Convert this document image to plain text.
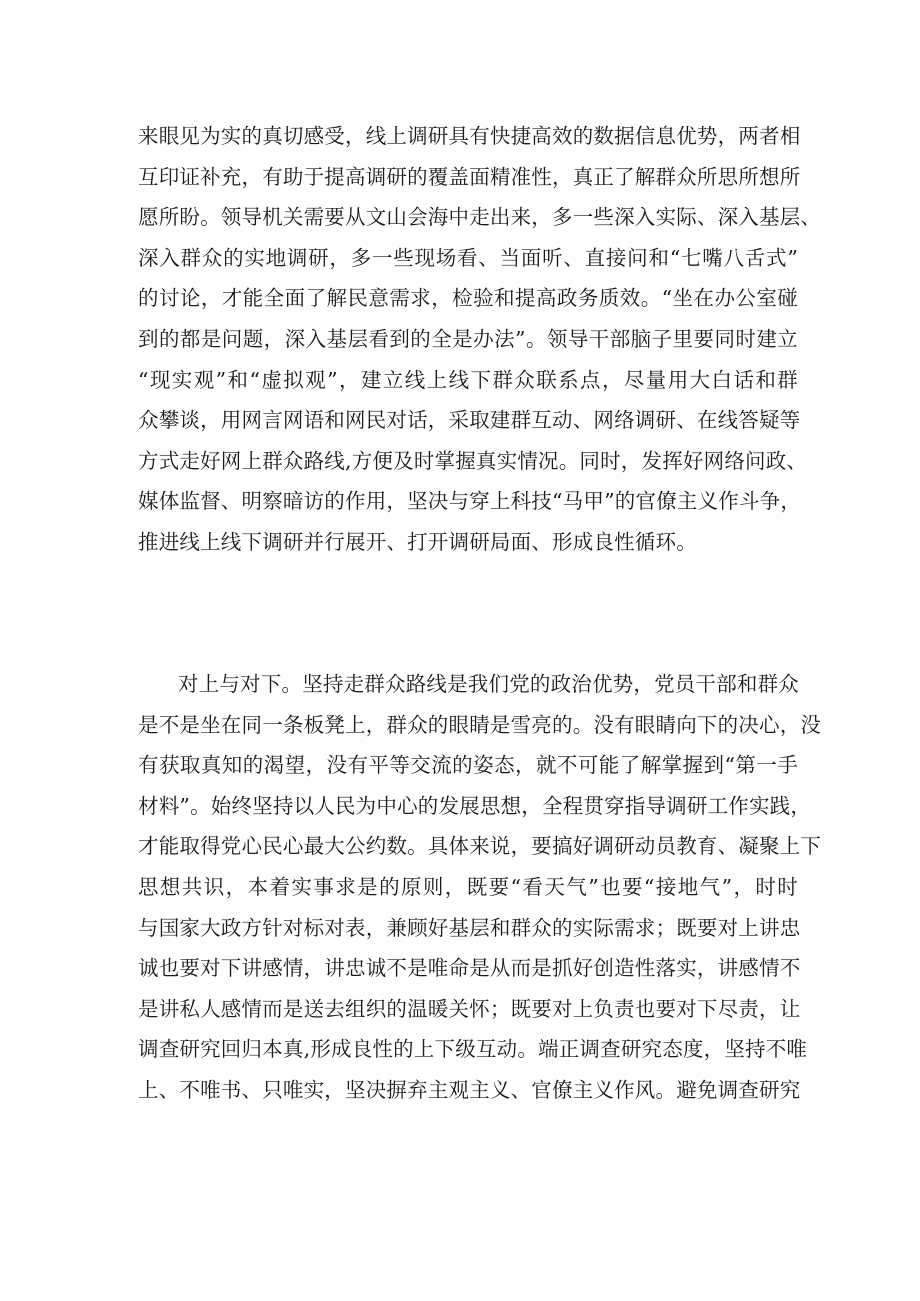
来眼见为实的真切感受，线上调研具有快捷高效的数据信息优势，两者相
互印证补充，有助于提高调研的覆盖面精准性，真正了解群众所思所想所
愿所盼。领导机关需要从文山会海中走出来，多一些深入实际、深入基层、
深入群众的实地调研，多一些现场看、当面听、直接问和“七嘴八舌式”
的讨论，才能全面了解民意需求，检验和提高政务质效。“坐在办公室碰
到的都是问题，深入基层看到的全是办法”。领导干部脑子里要同时建立
“现实观”和“虚拟观”，建立线上线下群众联系点，尽量用大白话和群
众攀谈，用网言网语和网民对话，采取建群互动、网络调研、在线答疑等
方式走好网上群众路线,方便及时掌握真实情况。同时，发挥好网络问政、
媒体监督、明察暗访的作用，坚决与穿上科技“马甲”的官僚主义作斗争，
推进线上线下调研并行展开、打开调研局面、形成良性循环。
对上与对下。坚持走群众路线是我们党的政治优势，党员干部和群众
是不是坐在同一条板凳上，群众的眼睛是雪亮的。没有眼睛向下的决心，没
有获取真知的渴望，没有平等交流的姿态，就不可能了解掌握到“第一手
材料”。始终坚持以人民为中心的发展思想，全程贯穿指导调研工作实践，
才能取得党心民心最大公约数。具体来说，要搞好调研动员教育、凝聚上下
思想共识，本着实事求是的原则，既要“看天气”也要“接地气”，时时
与国家大政方针对标对表，兼顾好基层和群众的实际需求；既要对上讲忠
诚也要对下讲感情，讲忠诚不是唯命是从而是抓好创造性落实，讲感情不
是讲私人感情而是送去组织的温暖关怀；既要对上负责也要对下尽责，让
调查研究回归本真,形成良性的上下级互动。端正调查研究态度，坚持不唯
上、不唯书、只唯实，坚决摒弃主观主义、官僚主义作风。避免调查研究
